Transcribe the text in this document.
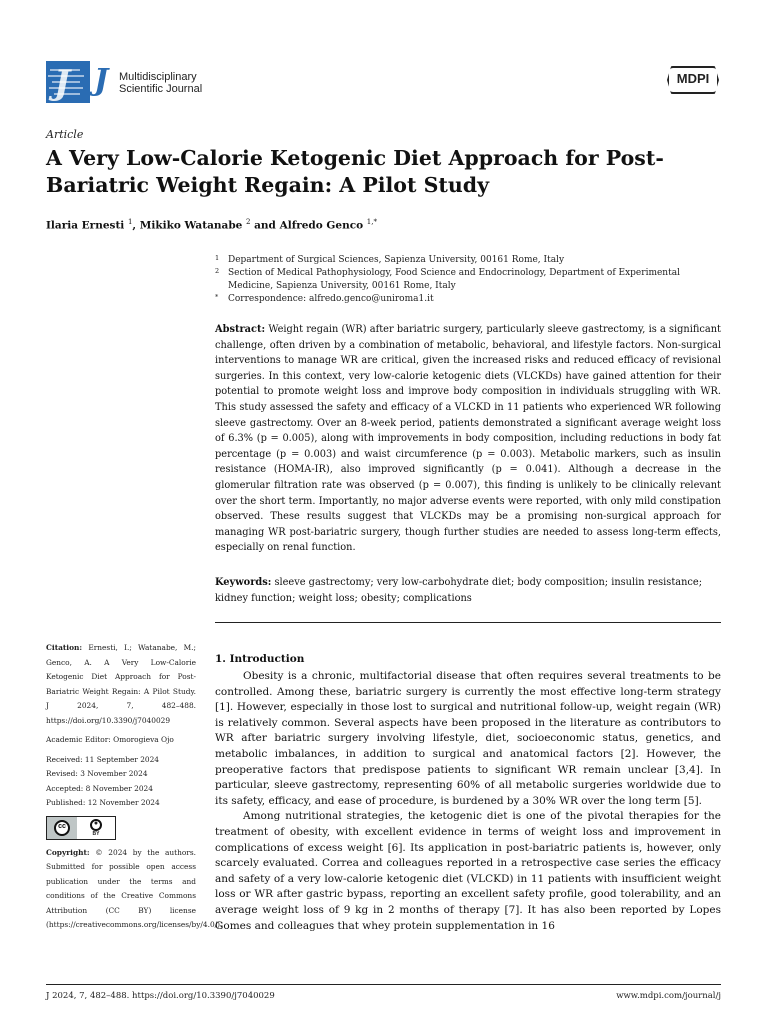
J J Multidisciplinary
Scientific Journal
MDPI
Article
A Very Low-Calorie Ketogenic Diet Approach for Post-Bariatric Weight Regain: A Pilot Study
Ilaria Ernesti $^1$, Mikiko Watanabe $^2$ and Alfredo Genco $^{1,*}$
1 Department of Surgical Sciences, Sapienza University, 00161 Rome, Italy
2 Section of Medical Pathophysiology, Food Science and Endocrinology, Department of Experimental Medicine, Sapienza University, 00161 Rome, Italy
* Correspondence: alfredo.genco@uniroma1.it
Abstract: Weight regain (WR) after bariatric surgery, particularly sleeve gastrectomy, is a significant challenge, often driven by a combination of metabolic, behavioral, and lifestyle factors. Non-surgical interventions to manage WR are critical, given the increased risks and reduced efficacy of revisional surgeries. In this context, very low-calorie ketogenic diets (VLCKDs) have gained attention for their potential to promote weight loss and improve body composition in individuals struggling with WR. This study assessed the safety and efficacy of a VLCKD in 11 patients who experienced WR following sleeve gastrectomy. Over an 8-week period, patients demonstrated a significant average weight loss of 6.3% (p = 0.005), along with improvements in body composition, including reductions in body fat percentage (p = 0.003) and waist circumference (p = 0.003). Metabolic markers, such as insulin resistance (HOMA-IR), also improved significantly (p = 0.041). Although a decrease in the glomerular filtration rate was observed (p = 0.007), this finding is unlikely to be clinically relevant over the short term. Importantly, no major adverse events were reported, with only mild constipation observed. These results suggest that VLCKDs may be a promising non-surgical approach for managing WR post-bariatric surgery, though further studies are needed to assess long-term effects, especially on renal function.
Keywords: sleeve gastrectomy; very low-carbohydrate diet; body composition; insulin resistance; kidney function; weight loss; obesity; complications
Citation: Ernesti, I.; Watanabe, M.; Genco, A. A Very Low-Calorie Ketogenic Diet Approach for Post-Bariatric Weight Regain: A Pilot Study. J 2024, 7, 482–488. https://doi.org/10.3390/j7040029
Academic Editor: Omorogieva Ojo
Received: 11 September 2024
Revised: 3 November 2024
Accepted: 8 November 2024
Published: 12 November 2024
cc	●
BY
Copyright: © 2024 by the authors. Submitted for possible open access publication under the terms and conditions of the Creative Commons Attribution (CC BY) license (https://creativecommons.org/licenses/by/4.0/).
1. Introduction

Obesity is a chronic, multifactorial disease that often requires several treatments to be controlled. Among these, bariatric surgery is currently the most effective long-term strategy [1]. However, especially in those lost to surgical and nutritional follow-up, weight regain (WR) is relatively common. Several aspects have been proposed in the literature as contributors to WR after bariatric surgery involving lifestyle, diet, socioeconomic status, genetics, and metabolic imbalances, in addition to surgical and anatomical factors [2]. However, the preoperative factors that predispose patients to significant WR remain unclear [3,4]. In particular, sleeve gastrectomy, representing 60% of all metabolic surgeries worldwide due to its safety, efficacy, and ease of procedure, is burdened by a 30% WR over the long term [5].

Among nutritional strategies, the ketogenic diet is one of the pivotal therapies for the treatment of obesity, with excellent evidence in terms of weight loss and improvement in complications of excess weight [6]. Its application in post-bariatric patients is, however, only scarcely evaluated. Correa and colleagues reported in a retrospective case series the efficacy and safety of a very low-calorie ketogenic diet (VLCKD) in 11 patients with insufficient weight loss or WR after gastric bypass, reporting an excellent safety profile, good tolerability, and an average weight loss of 9 kg in 2 months of therapy [7]. It has also been reported by Lopes Gomes and colleagues that whey protein supplementation in 16

J 2024, 7, 482–488. https://doi.org/10.3390/j7040029	www.mdpi.com/journal/j
